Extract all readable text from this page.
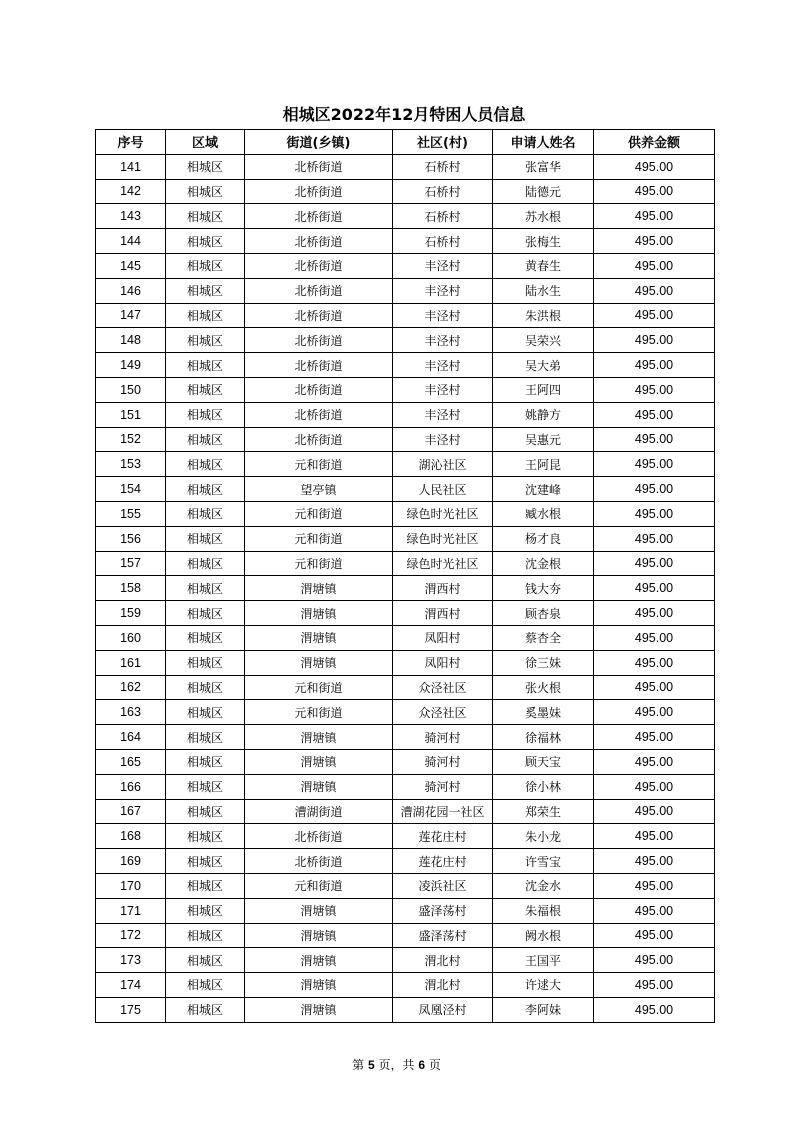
相城区2022年12月特困人员信息
序号	区域	街道(乡镇)	社区(村)	申请人姓名	供养金额
141	相城区	北桥街道	石桥村	张富华	495.00
142	相城区	北桥街道	石桥村	陆德元	495.00
143	相城区	北桥街道	石桥村	苏水根	495.00
144	相城区	北桥街道	石桥村	张梅生	495.00
145	相城区	北桥街道	丰泾村	黄春生	495.00
146	相城区	北桥街道	丰泾村	陆水生	495.00
147	相城区	北桥街道	丰泾村	朱洪根	495.00
148	相城区	北桥街道	丰泾村	吴荣兴	495.00
149	相城区	北桥街道	丰泾村	吴大弟	495.00
150	相城区	北桥街道	丰泾村	王阿四	495.00
151	相城区	北桥街道	丰泾村	姚静方	495.00
152	相城区	北桥街道	丰泾村	吴惠元	495.00
153	相城区	元和街道	湖沁社区	王阿昆	495.00
154	相城区	望亭镇	人民社区	沈建峰	495.00
155	相城区	元和街道	绿色时光社区	臧水根	495.00
156	相城区	元和街道	绿色时光社区	杨才良	495.00
157	相城区	元和街道	绿色时光社区	沈金根	495.00
158	相城区	渭塘镇	渭西村	钱大夯	495.00
159	相城区	渭塘镇	渭西村	顾杏泉	495.00
160	相城区	渭塘镇	凤阳村	蔡杏全	495.00
161	相城区	渭塘镇	凤阳村	徐三妹	495.00
162	相城区	元和街道	众泾社区	张火根	495.00
163	相城区	元和街道	众泾社区	奚墨妹	495.00
164	相城区	渭塘镇	骑河村	徐福林	495.00
165	相城区	渭塘镇	骑河村	顾天宝	495.00
166	相城区	渭塘镇	骑河村	徐小林	495.00
167	相城区	漕湖街道	漕湖花园一社区	郑荣生	495.00
168	相城区	北桥街道	莲花庄村	朱小龙	495.00
169	相城区	北桥街道	莲花庄村	许雪宝	495.00
170	相城区	元和街道	凌浜社区	沈金水	495.00
171	相城区	渭塘镇	盛泽荡村	朱福根	495.00
172	相城区	渭塘镇	盛泽荡村	阙水根	495.00
173	相城区	渭塘镇	渭北村	王国平	495.00
174	相城区	渭塘镇	渭北村	许逑大	495.00
175	相城区	渭塘镇	凤凰泾村	李阿妹	495.00
第 5 页，共 6 页
